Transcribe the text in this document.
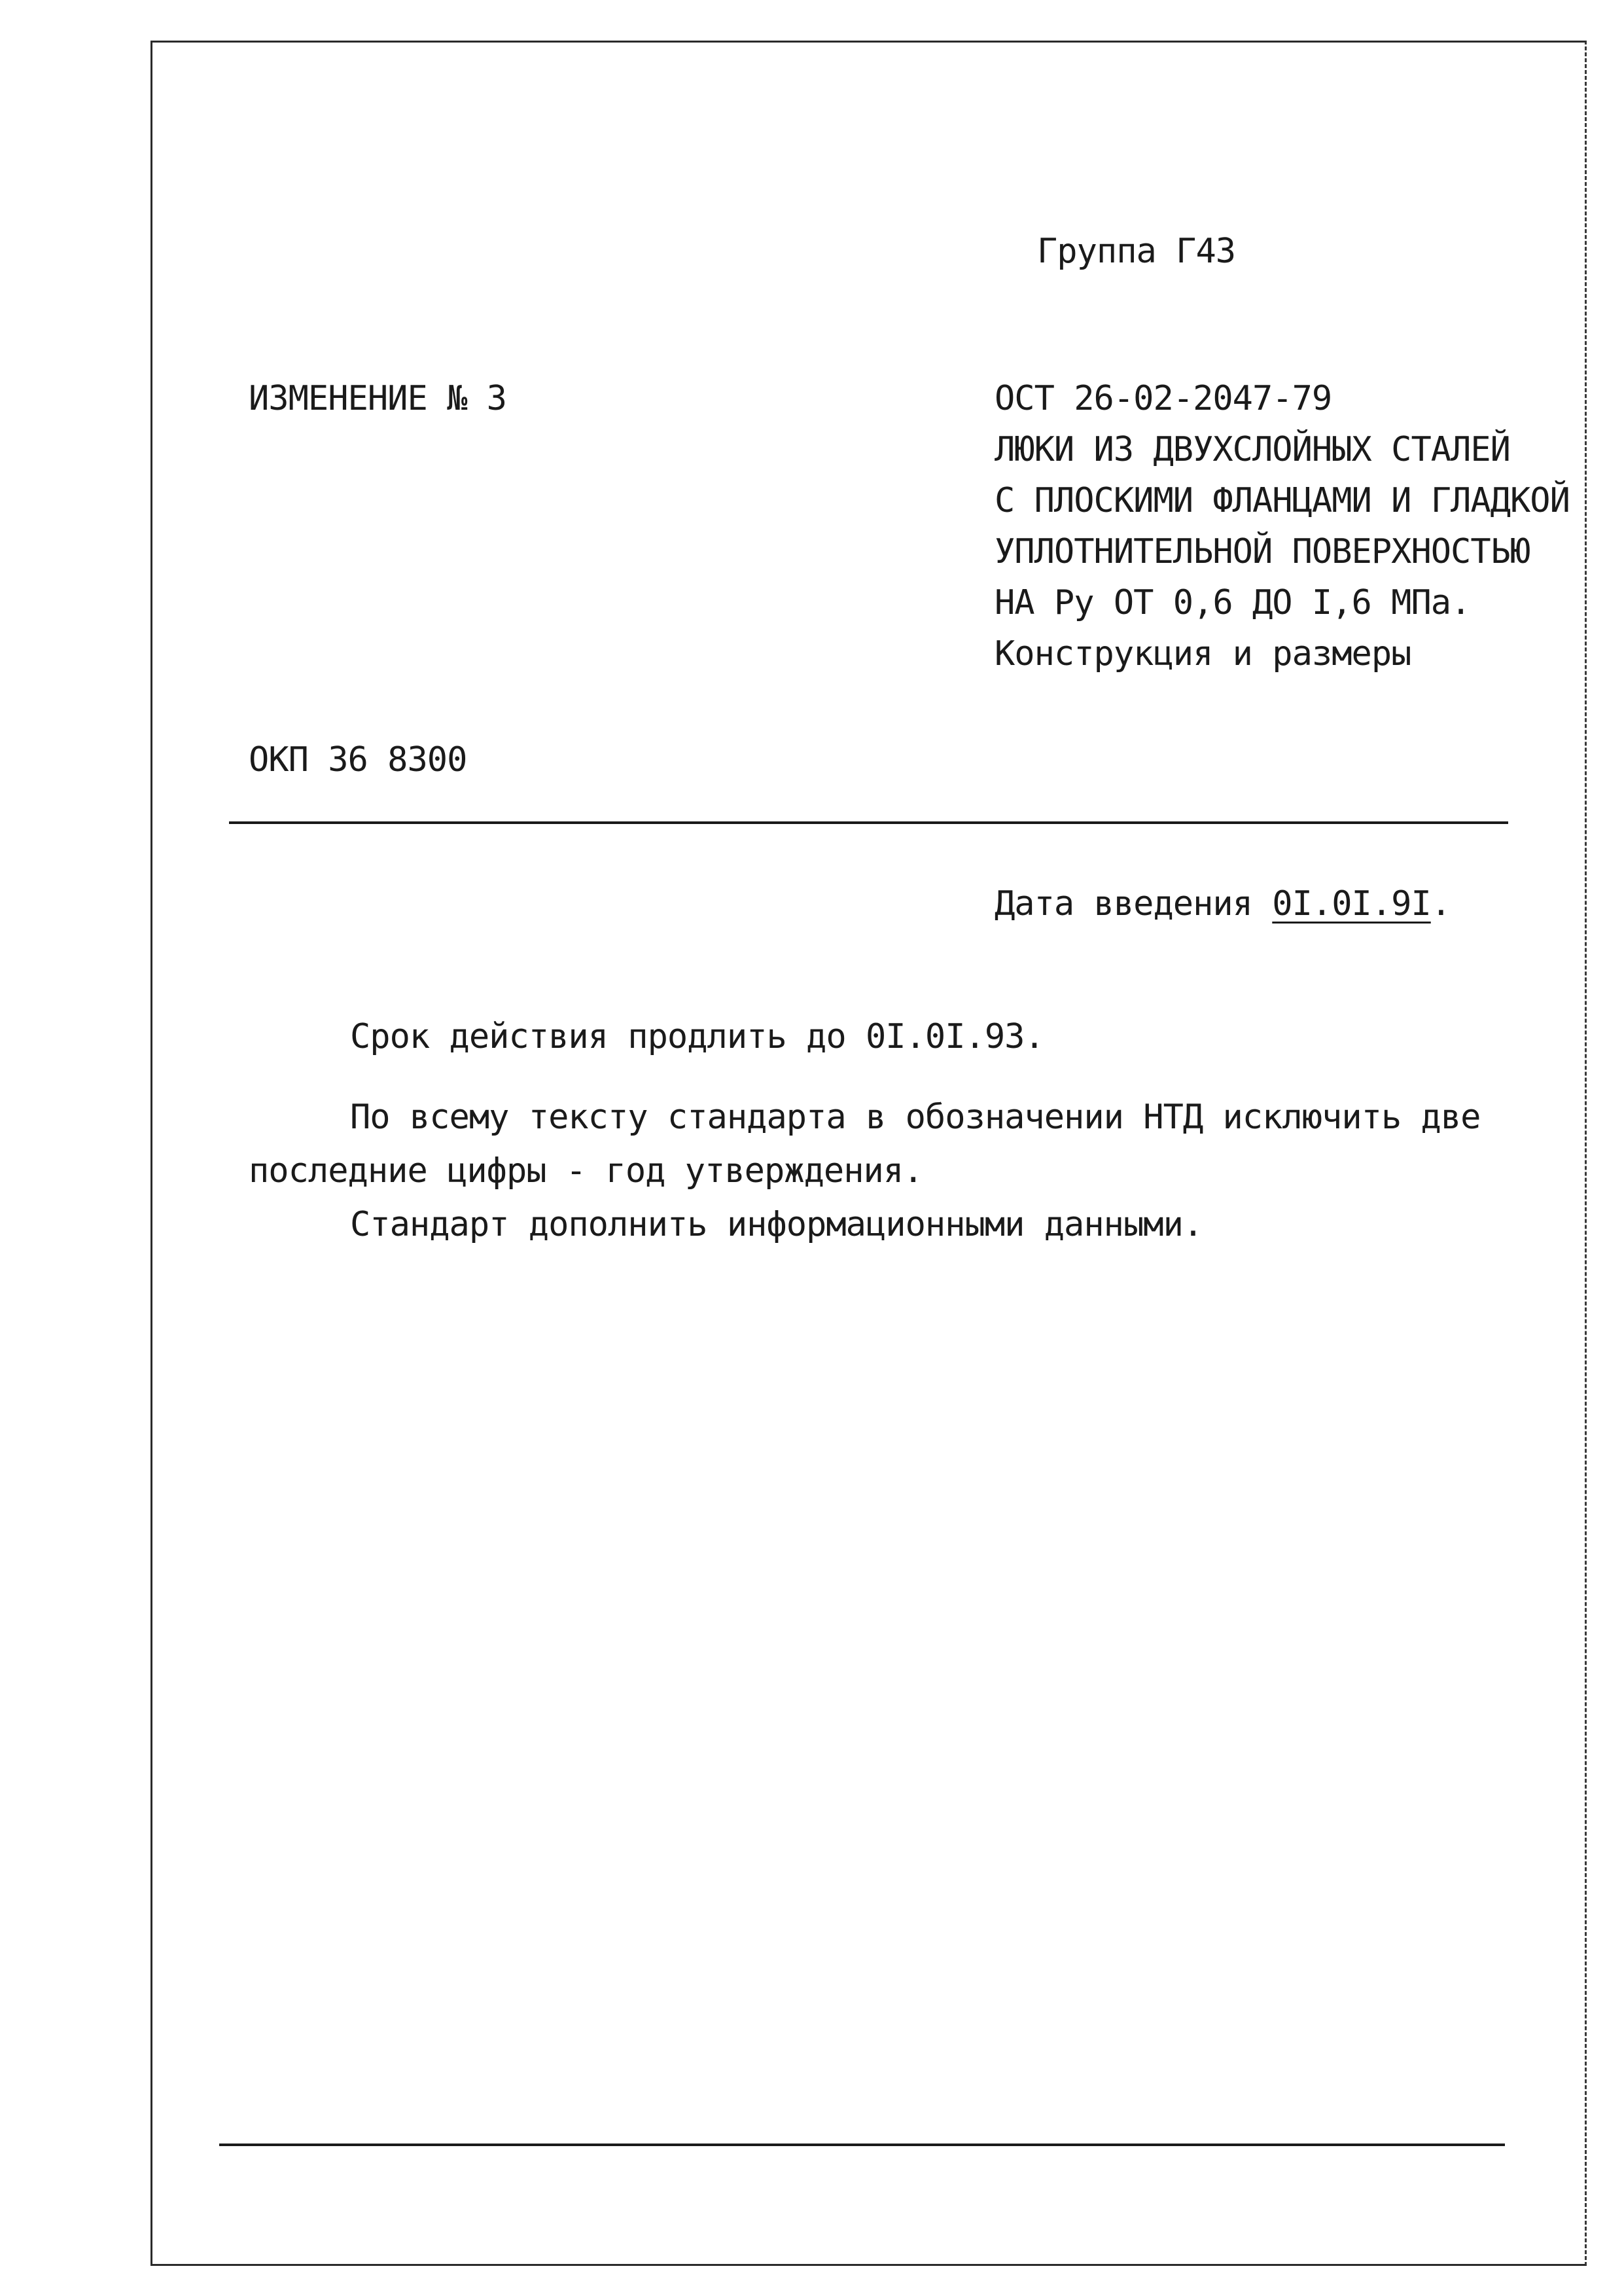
Группа Г43
ИЗМЕНЕНИЕ № 3	ОСТ 26-02-2047-79
ЛЮКИ ИЗ ДВУХСЛОЙНЫХ СТАЛЕЙ
С ПЛОСКИМИ ФЛАНЦАМИ И ГЛАДКОЙ
УПЛОТНИТЕЛЬНОЙ ПОВЕРХНОСТЬЮ
НА Ру ОТ 0,6 ДО I,6 МПа.
Конструкция и размеры
ОКП 36 8300
Дата введения 0I.0I.9I.
Срок действия продлить до 0I.0I.93.
По всему тексту стандарта в обозначении НТД исключить две
последние цифры - год утверждения.
Стандарт дополнить информационными данными.
